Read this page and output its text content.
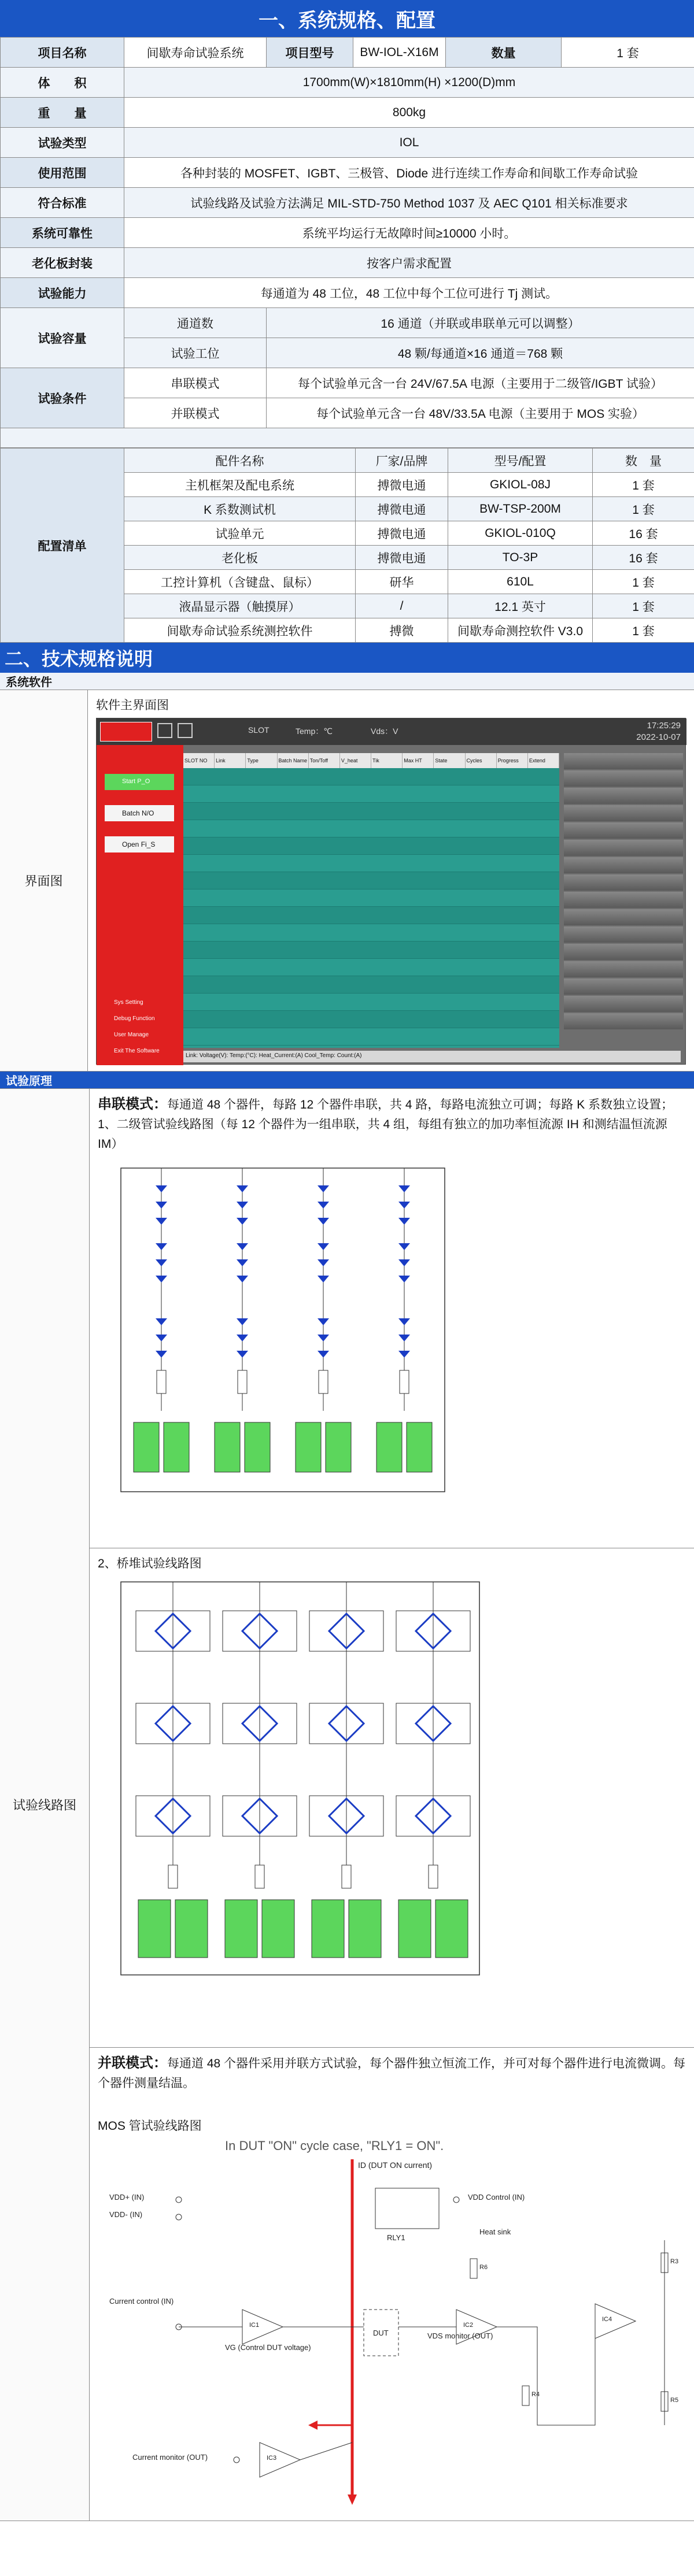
一、系统规格、配置
项目名称	间歇寿命试验系统	项目型号	BW-IOL-X16M	数量	1 套
体　　积	1700mm(W)×1810mm(H) ×1200(D)mm				
重　　量	800kg				
试验类型	IOL				
使用范围	各种封装的 MOSFET、IGBT、三极管、Diode 进行连续工作寿命和间歇工作寿命试验				
符合标准	试验线路及试验方法满足 MIL-STD-750 Method 1037 及 AEC Q101 相关标准要求				
系统可靠性	系统平均运行无故障时间≥10000 小时。				
老化板封装	按客户需求配置				
试验能力	每通道为 48 工位，48 工位中每个工位可进行 Tj 测试。				
试验容量	通道数	16 通道（并联或串联单元可以调整）			
	试验工位	48 颗/每通道×16 通道＝768 颗			
试验条件	串联模式	每个试验单元含一台 24V/67.5A 电源（主要用于二级管/IGBT 试验）			
	并联模式	每个试验单元含一台 48V/33.5A 电源（主要用于 MOS 实验）			

配置清单	配件名称	厂家/品牌	型号/配置	数　量
	主机框架及配电系统	搏微电通	GKIOL-08J	1 套
	K 系数测试机	搏微电通	BW-TSP-200M	1 套
	试验单元	搏微电通	GKIOL-010Q	16 套
	老化板	搏微电通	TO-3P	16 套
	工控计算机（含键盘、鼠标）	研华	610L	1 套
	液晶显示器（触摸屏）	/	12.1 英寸	1 套
	间歇寿命试验系统测控软件	搏微	间歇寿命测控软件 V3.0	1 套
二、技术规格说明
系统软件
界面图
软件主界面图
SLOT	Temp：℃	Vds：V
17:25:29
2022-10-07
Start P_O
Batch N/O
Open Fi_S
Sys Setting
Debug Function
User Manage
Exit The Software
SLOT NO	Link	Type	Batch Name Ton/Toff	V_heat	Tik	Max HT	State	Cycles	Progress	Extend
Link: Voltage(V): Temp:(°C): Heat_Current:(A) Cool_Temp: Count:(A)
试验原理
试验线路图
串联模式：每通道 48 个器件，每路 12 个器件串联，共 4 路，每路电流独立可调；每路 K 系数独立设置；1、二级管试验线路图（每 12 个器件为一组串联，共 4 组，每组有独立的加功率恒流源 IH 和测结温恒流源 IM）
2、桥堆试验线路图
并联模式：每通道 48 个器件采用并联方式试验，每个器件独立恒流工作，并可对每个器件进行电流微调。每个器件测量结温。
MOS 管试验线路图
In DUT "ON" cycle case, "RLY1 = ON".
ID (DUT ON current)
VDD Control (IN)
VDD+ (IN)
VDD- (IN)
Current control (IN)
VG (Control DUT voltage)
VDS monitor (OUT)
Current monitor (OUT)
RLY1
Heat sink
DUT
IC1	IC2
IC4
IC3
R3
R4
R5
R6
